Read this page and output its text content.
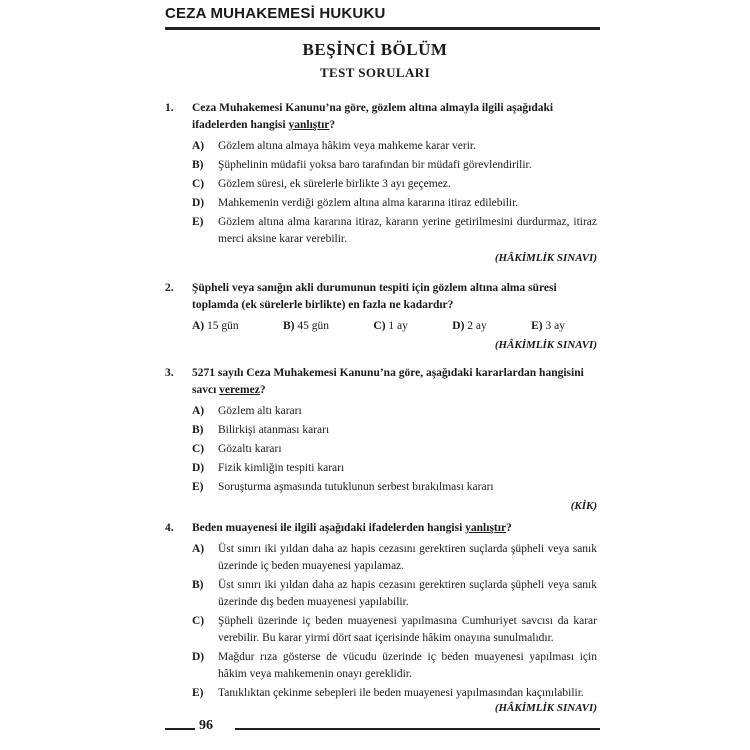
CEZA MUHAKEMESİ HUKUKU
BEŞİNCİ BÖLÜM
TEST SORULARI
1. Ceza Muhakemesi Kanunu’na göre, gözlem altına almayla ilgili aşağıdaki ifadelerden hangisi yanlıştır?
A) Gözlem altına almaya hâkim veya mahkeme karar verir.
B) Şüphelinin müdafii yoksa baro tarafından bir müdafi görevlendirilir.
C) Gözlem süresi, ek sürelerle birlikte 3 ayı geçemez.
D) Mahkemenin verdiği gözlem altına alma kararına itiraz edilebilir.
E) Gözlem altına alma kararına itiraz, kararın yerine getirilmesini durdurmaz, itiraz merci aksine karar verebilir.
(HÂKİMLİK SINAVI)
2. Şüpheli veya sanığın akli durumunun tespiti için gözlem altına alma süresi toplamda (ek sürelerle birlikte) en fazla ne kadardır?
A) 15 gün	B) 45 gün	C) 1 ay	D) 2 ay	E) 3 ay
(HÂKİMLİK SINAVI)
3. 5271 sayılı Ceza Muhakemesi Kanunu’na göre, aşağıdaki kararlardan hangisini savcı veremez?
A) Gözlem altı kararı
B) Bilirkişi atanması kararı
C) Gözaltı kararı
D) Fizik kimliğin tespiti kararı
E) Soruşturma aşmasında tutuklunun serbest bırakılması kararı
(KİK)
4. Beden muayenesi ile ilgili aşağıdaki ifadelerden hangisi yanlıştır?
A) Üst sınırı iki yıldan daha az hapis cezasını gerektiren suçlarda şüpheli veya sanık üzerinde iç beden muayenesi yapılamaz.
B) Üst sınırı iki yıldan daha az hapis cezasını gerektiren suçlarda şüpheli veya sanık üzerinde dış beden muayenesi yapılabilir.
C) Şüpheli üzerinde iç beden muayenesi yapılmasına Cumhuriyet savcısı da karar verebilir. Bu karar yirmi dört saat içerisinde hâkim onayına sunulmalıdır.
D) Mağdur rıza gösterse de vücudu üzerinde iç beden muayenesi yapılması için hâkim veya mahkemenin onayı gereklidir.
E) Tanıklıktan çekinme sebepleri ile beden muayenesi yapılmasından kaçınılabilir.
(HÂKİMLİK SINAVI)
96
